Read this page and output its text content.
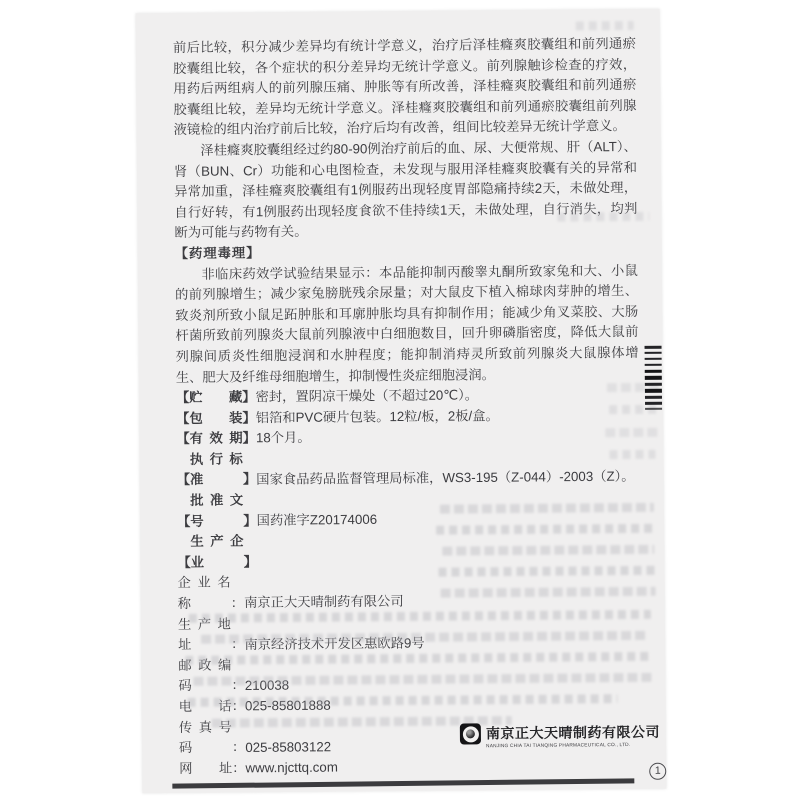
前后比较，积分减少差异均有统计学意义，治疗后泽桂癃爽胶囊组和前列通瘀胶囊组比较，各个症状的积分差异均无统计学意义。前列腺触诊检查的疗效，用药后两组病人的前列腺压痛、肿胀等有所改善，泽桂癃爽胶囊组和前列通瘀胶囊组比较，差异均无统计学意义。泽桂癃爽胶囊组和前列通瘀胶囊组前列腺液镜检的组内治疗前后比较，治疗后均有改善，组间比较差异无统计学意义。

泽桂癃爽胶囊组经过约80-90例治疗前后的血、尿、大便常规、肝（ALT）、肾（BUN、Cr）功能和心电图检查，未发现与服用泽桂癃爽胶囊有关的异常和异常加重，泽桂癃爽胶囊组有1例服药出现轻度胃部隐痛持续2天，未做处理，自行好转，有1例服药出现轻度食欲不佳持续1天，未做处理，自行消失，均判断为可能与药物有关。

【药理毒理】

非临床药效学试验结果显示：本品能抑制丙酸睾丸酮所致家兔和大、小鼠的前列腺增生；减少家兔膀胱残余尿量；对大鼠皮下植入棉球肉芽肿的增生、致炎剂所致小鼠足跖肿胀和耳廓肿胀均具有抑制作用；能减少角叉菜胶、大肠杆菌所致前列腺炎大鼠前列腺液中白细胞数目，回升卵磷脂密度，降低大鼠前列腺间质炎性细胞浸润和水肿程度；能抑制消痔灵所致前列腺炎大鼠腺体增生、肥大及纤维母细胞增生，抑制慢性炎症细胞浸润。

【贮藏】密封，置阴凉干燥处（不超过20℃）。

【包装】铝箔和PVC硬片包装。12粒/板，2板/盒。

【有效期】18个月。

【执行标准	】国家食品药品监督管理局标准，WS3-195（Z-044）-2003（Z）。

【批准文号	】国药准字Z20174006

【生产企业	】

企业名称	：南京正大天晴制药有限公司

生产地址	：南京经济技术开发区惠欧路9号

邮政编码	：210038

电话：025-85801888

传真号码	：025-85803122

网址：www.njcttq.com

南京正大天晴制药有限公司
NANJING CHIA TAI TIANQING PHARMACEUTICAL CO., LTD.
1
